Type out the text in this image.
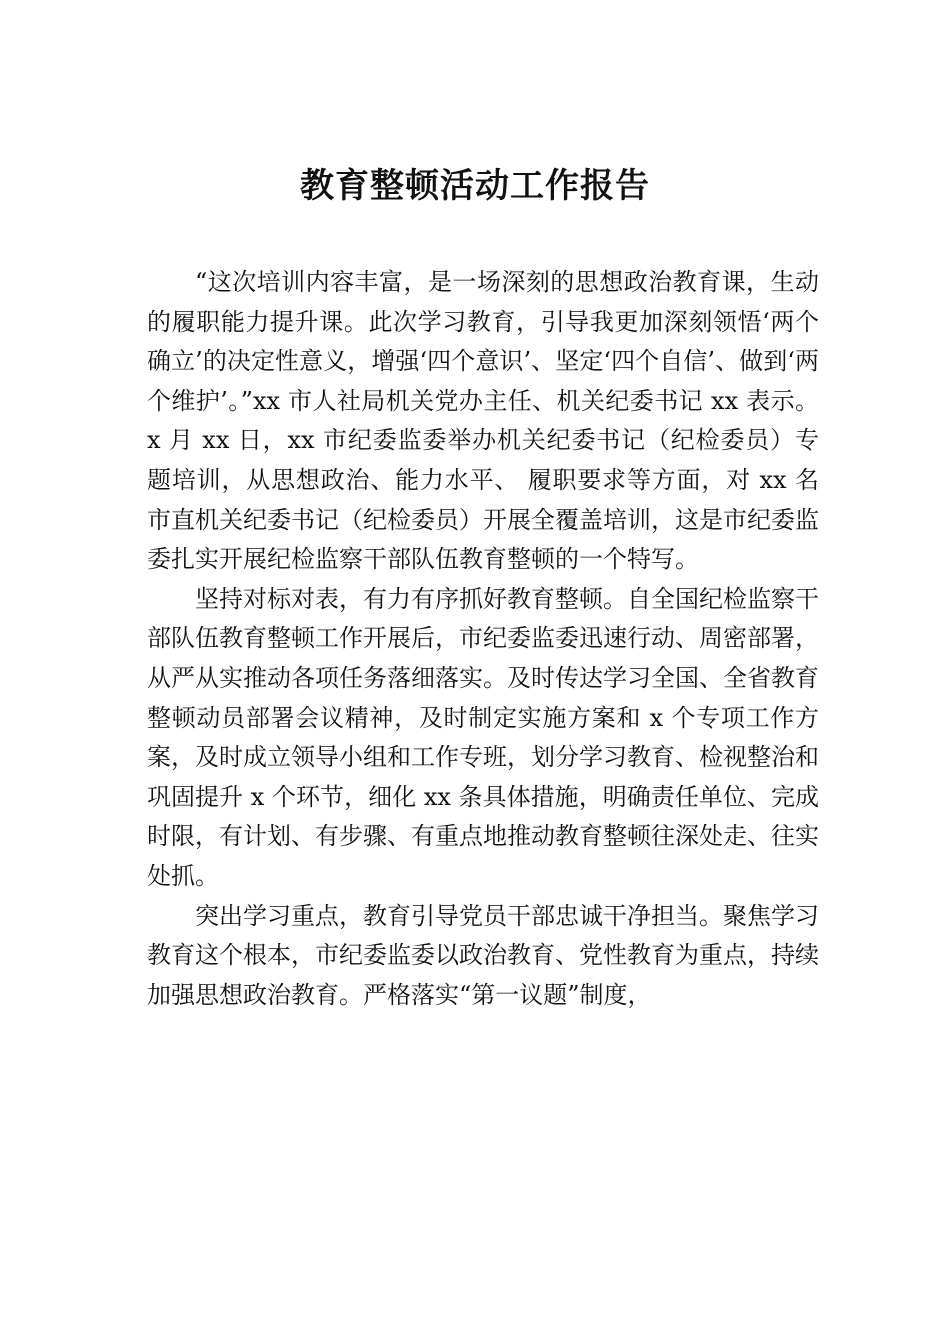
教育整顿活动工作报告

“这次培训内容丰富，是一场深刻的思想政治教育课，生动的履职能力提升课。此次学习教育，引导我更加深刻领悟‘两个确立’的决定性意义，增强‘四个意识’、坚定‘四个自信’、做到‘两个维护’。”xx 市人社局机关党办主任、机关纪委书记 xx 表示。x 月 xx 日，xx 市纪委监委举办机关纪委书记（纪检委员）专题培训，从思想政治、能力水平、 履职要求等方面，对 xx 名市直机关纪委书记（纪检委员）开展全覆盖培训，这是市纪委监委扎实开展纪检监察干部队伍教育整顿的一个特写。

坚持对标对表，有力有序抓好教育整顿。自全国纪检监察干部队伍教育整顿工作开展后，市纪委监委迅速行动、周密部署，从严从实推动各项任务落细落实。及时传达学习全国、全省教育整顿动员部署会议精神，及时制定实施方案和 x 个专项工作方案，及时成立领导小组和工作专班，划分学习教育、检视整治和巩固提升 x 个环节，细化 xx 条具体措施，明确责任单位、完成时限，有计划、有步骤、有重点地推动教育整顿往深处走、往实处抓。

突出学习重点，教育引导党员干部忠诚干净担当。聚焦学习教育这个根本，市纪委监委以政治教育、党性教育为重点，持续加强思想政治教育。严格落实“第一议题”制度，
